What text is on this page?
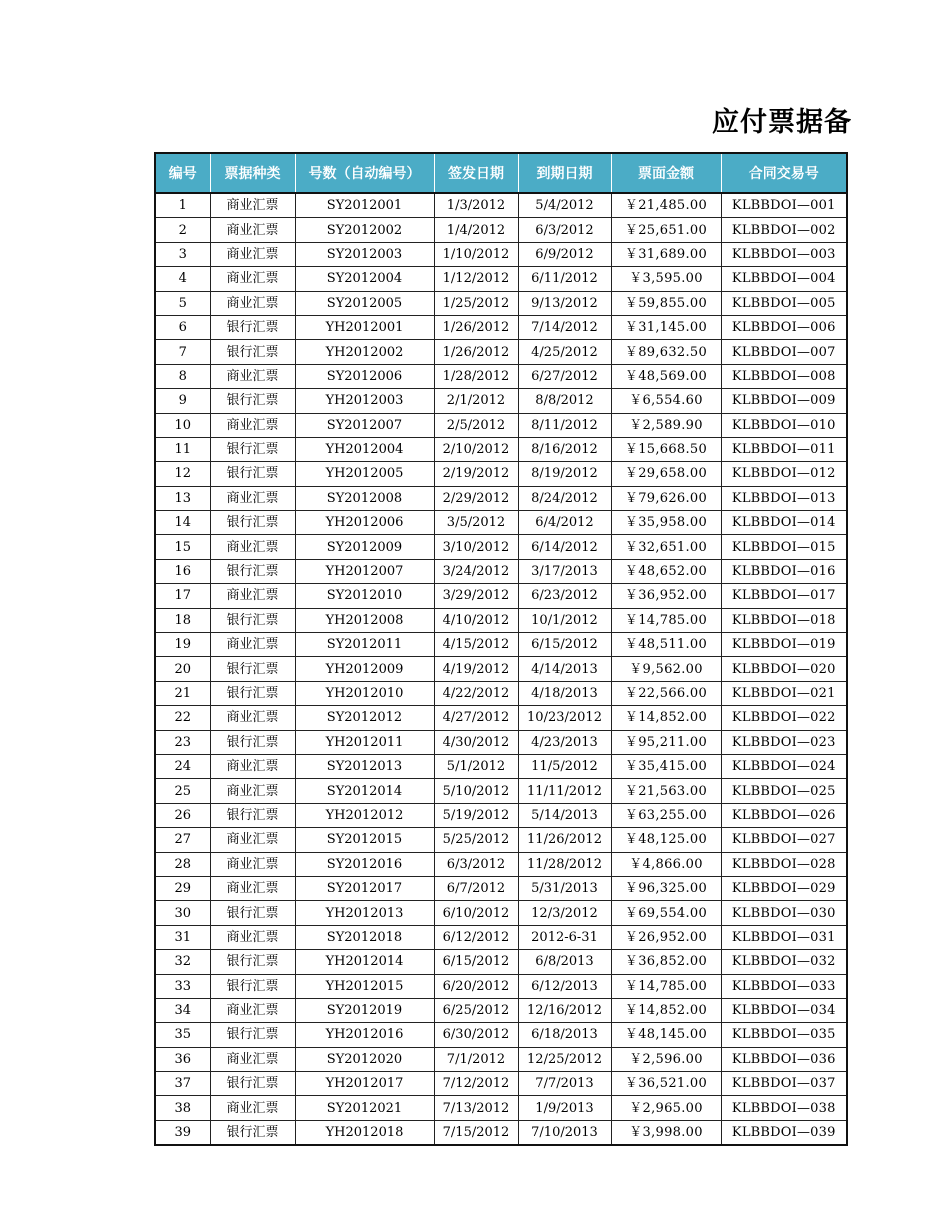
应付票据备
编号	票据种类	号数（自动编号）	签发日期	到期日期	票面金额	合同交易号
1	商业汇票	SY2012001	1/3/2012	5/4/2012	￥21,485.00	KLBBDOI—001
2	商业汇票	SY2012002	1/4/2012	6/3/2012	￥25,651.00	KLBBDOI—002
3	商业汇票	SY2012003	1/10/2012	6/9/2012	￥31,689.00	KLBBDOI—003
4	商业汇票	SY2012004	1/12/2012	6/11/2012	￥3,595.00	KLBBDOI—004
5	商业汇票	SY2012005	1/25/2012	9/13/2012	￥59,855.00	KLBBDOI—005
6	银行汇票	YH2012001	1/26/2012	7/14/2012	￥31,145.00	KLBBDOI—006
7	银行汇票	YH2012002	1/26/2012	4/25/2012	￥89,632.50	KLBBDOI—007
8	商业汇票	SY2012006	1/28/2012	6/27/2012	￥48,569.00	KLBBDOI—008
9	银行汇票	YH2012003	2/1/2012	8/8/2012	￥6,554.60	KLBBDOI—009
10	商业汇票	SY2012007	2/5/2012	8/11/2012	￥2,589.90	KLBBDOI—010
11	银行汇票	YH2012004	2/10/2012	8/16/2012	￥15,668.50	KLBBDOI—011
12	银行汇票	YH2012005	2/19/2012	8/19/2012	￥29,658.00	KLBBDOI—012
13	商业汇票	SY2012008	2/29/2012	8/24/2012	￥79,626.00	KLBBDOI—013
14	银行汇票	YH2012006	3/5/2012	6/4/2012	￥35,958.00	KLBBDOI—014
15	商业汇票	SY2012009	3/10/2012	6/14/2012	￥32,651.00	KLBBDOI—015
16	银行汇票	YH2012007	3/24/2012	3/17/2013	￥48,652.00	KLBBDOI—016
17	商业汇票	SY2012010	3/29/2012	6/23/2012	￥36,952.00	KLBBDOI—017
18	银行汇票	YH2012008	4/10/2012	10/1/2012	￥14,785.00	KLBBDOI—018
19	商业汇票	SY2012011	4/15/2012	6/15/2012	￥48,511.00	KLBBDOI—019
20	银行汇票	YH2012009	4/19/2012	4/14/2013	￥9,562.00	KLBBDOI—020
21	银行汇票	YH2012010	4/22/2012	4/18/2013	￥22,566.00	KLBBDOI—021
22	商业汇票	SY2012012	4/27/2012	10/23/2012	￥14,852.00	KLBBDOI—022
23	银行汇票	YH2012011	4/30/2012	4/23/2013	￥95,211.00	KLBBDOI—023
24	商业汇票	SY2012013	5/1/2012	11/5/2012	￥35,415.00	KLBBDOI—024
25	商业汇票	SY2012014	5/10/2012	11/11/2012	￥21,563.00	KLBBDOI—025
26	银行汇票	YH2012012	5/19/2012	5/14/2013	￥63,255.00	KLBBDOI—026
27	商业汇票	SY2012015	5/25/2012	11/26/2012	￥48,125.00	KLBBDOI—027
28	商业汇票	SY2012016	6/3/2012	11/28/2012	￥4,866.00	KLBBDOI—028
29	商业汇票	SY2012017	6/7/2012	5/31/2013	￥96,325.00	KLBBDOI—029
30	银行汇票	YH2012013	6/10/2012	12/3/2012	￥69,554.00	KLBBDOI—030
31	商业汇票	SY2012018	6/12/2012	2012-6-31	￥26,952.00	KLBBDOI—031
32	银行汇票	YH2012014	6/15/2012	6/8/2013	￥36,852.00	KLBBDOI—032
33	银行汇票	YH2012015	6/20/2012	6/12/2013	￥14,785.00	KLBBDOI—033
34	商业汇票	SY2012019	6/25/2012	12/16/2012	￥14,852.00	KLBBDOI—034
35	银行汇票	YH2012016	6/30/2012	6/18/2013	￥48,145.00	KLBBDOI—035
36	商业汇票	SY2012020	7/1/2012	12/25/2012	￥2,596.00	KLBBDOI—036
37	银行汇票	YH2012017	7/12/2012	7/7/2013	￥36,521.00	KLBBDOI—037
38	商业汇票	SY2012021	7/13/2012	1/9/2013	￥2,965.00	KLBBDOI—038
39	银行汇票	YH2012018	7/15/2012	7/10/2013	￥3,998.00	KLBBDOI—039
